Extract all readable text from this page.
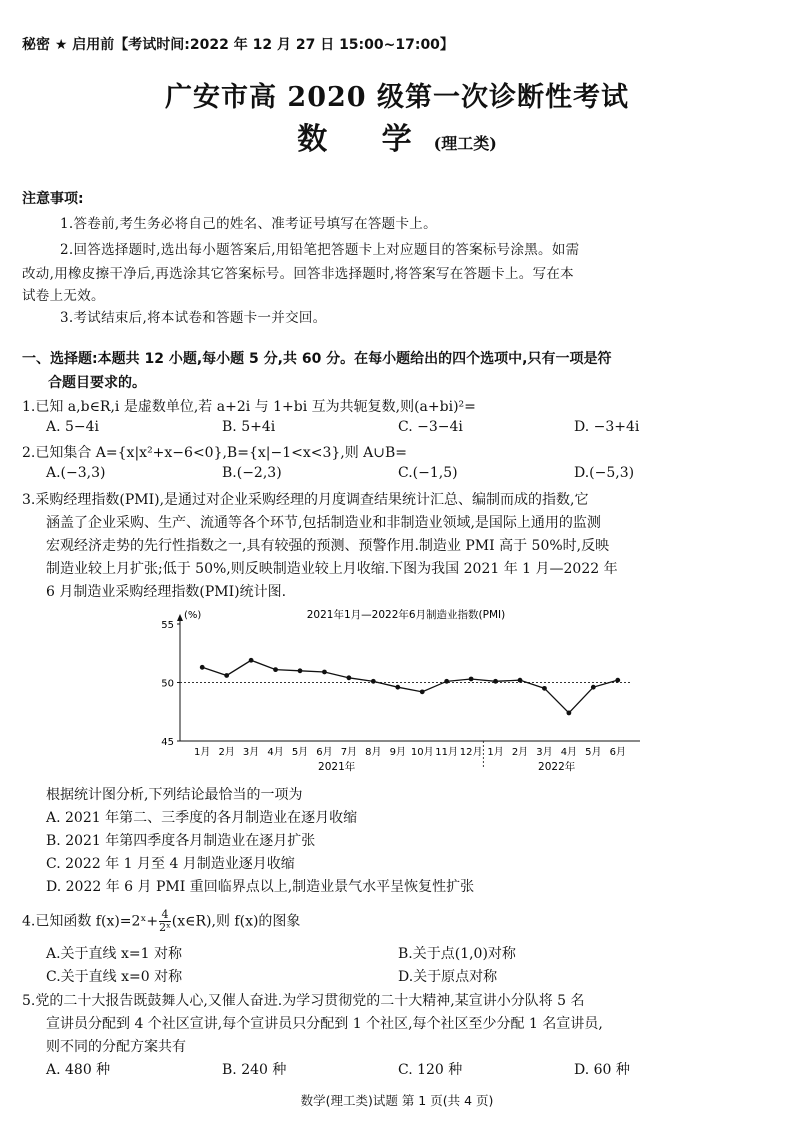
秘密 ★ 启用前【考试时间:2022 年 12 月 27 日 15:00~17:00】
广安市高 2020 级第一次诊断性考试
数 学(理工类)
注意事项:
1.答卷前,考生务必将自己的姓名、准考证号填写在答题卡上。
2.回答选择题时,选出每小题答案后,用铅笔把答题卡上对应题目的答案标号涂黑。如需
改动,用橡皮擦干净后,再选涂其它答案标号。回答非选择题时,将答案写在答题卡上。写在本
试卷上无效。
3.考试结束后,将本试卷和答题卡一并交回。
一、选择题:本题共 12 小题,每小题 5 分,共 60 分。在每小题给出的四个选项中,只有一项是符
合题目要求的。
1.已知 a,b∈R,i 是虚数单位,若 a+2i 与 1+bi 互为共轭复数,则(a+bi)²=
A. 5−4i	B. 5+4i	C. −3−4i	D. −3+4i
2.已知集合 A={x|x²+x−6<0},B={x|−1<x<3},则 A∪B=
A.(−3,3)	B.(−2,3)	C.(−1,5)	D.(−5,3)
3.采购经理指数(PMI),是通过对企业采购经理的月度调查结果统计汇总、编制而成的指数,它
涵盖了企业采购、生产、流通等各个环节,包括制造业和非制造业领域,是国际上通用的监测
宏观经济走势的先行性指数之一,具有较强的预测、预警作用.制造业 PMI 高于 50%时,反映
制造业较上月扩张;低于 50%,则反映制造业较上月收缩.下图为我国 2021 年 1 月—2022 年
6 月制造业采购经理指数(PMI)统计图.
2021年1月—2022年6月制造业指数(PMI)
(%)
55
50
45
1月 2月 3月 4月 5月 6月 7月 8月 9月 10月 11月 12月 1月 2月 3月 4月 5月 6月
2021年	2022年
根据统计图分析,下列结论最恰当的一项为
A. 2021 年第二、三季度的各月制造业在逐月收缩
B. 2021 年第四季度各月制造业在逐月扩张
C. 2022 年 1 月至 4 月制造业逐月收缩
D. 2022 年 6 月 PMI 重回临界点以上,制造业景气水平呈恢复性扩张
4.已知函数 f(x)=2ˣ+ $\frac{4}{\text{2ˣ}}$ (x∈R),则 f(x)的图象
A.关于直线 x=1 对称	B.关于点(1,0)对称
C.关于直线 x=0 对称	D.关于原点对称
5.党的二十大报告既鼓舞人心,又催人奋进.为学习贯彻党的二十大精神,某宣讲小分队将 5 名
宣讲员分配到 4 个社区宣讲,每个宣讲员只分配到 1 个社区,每个社区至少分配 1 名宣讲员,
则不同的分配方案共有
A. 480 种	B. 240 种	C. 120 种	D. 60 种
数学(理工类)试题 第 1 页(共 4 页)
